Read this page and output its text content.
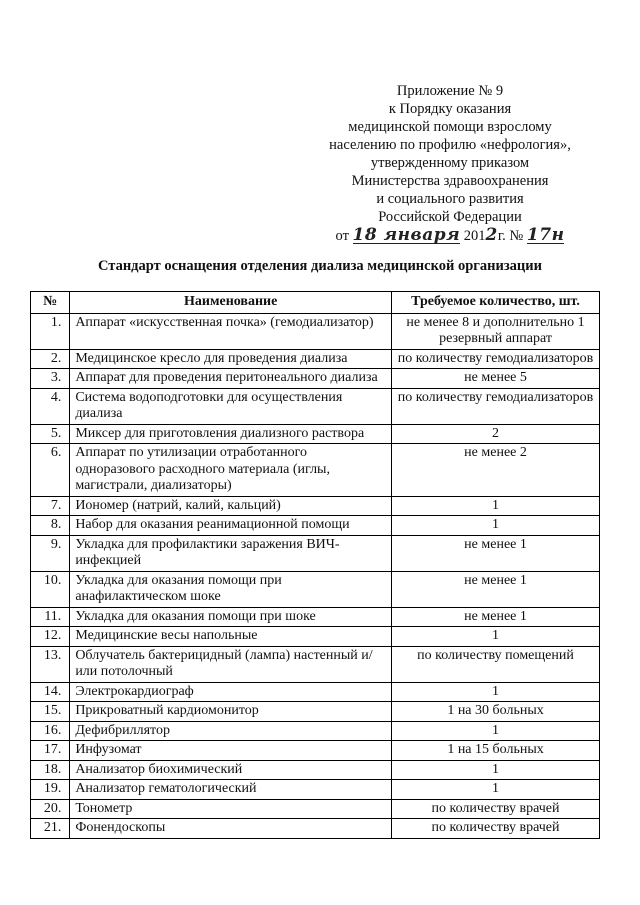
Приложение № 9
к Порядку оказания
медицинской помощи взрослому
населению по профилю «нефрология»,
утвержденному приказом
Министерства здравоохранения
и социального развития
Российской Федерации
от 18 января 2012г. № 17н
Стандарт оснащения отделения диализа медицинской организации
№	Наименование	Требуемое количество, шт.
1.	Аппарат «искусственная почка» (гемодиализатор)	не менее 8 и дополнительно 1 резервный аппарат
2.	Медицинское кресло для проведения диализа	по количеству гемодиализаторов
3.	Аппарат для проведения перитонеального диализа	не менее 5
4.	Система водоподготовки для осуществления диализа	по количеству гемодиализаторов
5.	Миксер для приготовления диализного раствора	2
6.	Аппарат по утилизации отработанного одноразового расходного материала (иглы, магистрали, диализаторы)	не менее 2
7.	Иономер (натрий, калий, кальций)	1
8.	Набор для оказания реанимационной помощи	1
9.	Укладка для профилактики заражения ВИЧ-инфекцией	не менее 1
10.	Укладка для оказания помощи при анафилактическом шоке	не менее 1
11.	Укладка для оказания помощи при шоке	не менее 1
12.	Медицинские весы напольные	1
13.	Облучатель бактерицидный (лампа) настенный и/или потолочный	по количеству помещений
14.	Электрокардиограф	1
15.	Прикроватный кардиомонитор	1 на 30 больных
16.	Дефибриллятор	1
17.	Инфузомат	1 на 15 больных
18.	Анализатор биохимический	1
19.	Анализатор гематологический	1
20.	Тонометр	по количеству врачей
21.	Фонендоскопы	по количеству врачей
